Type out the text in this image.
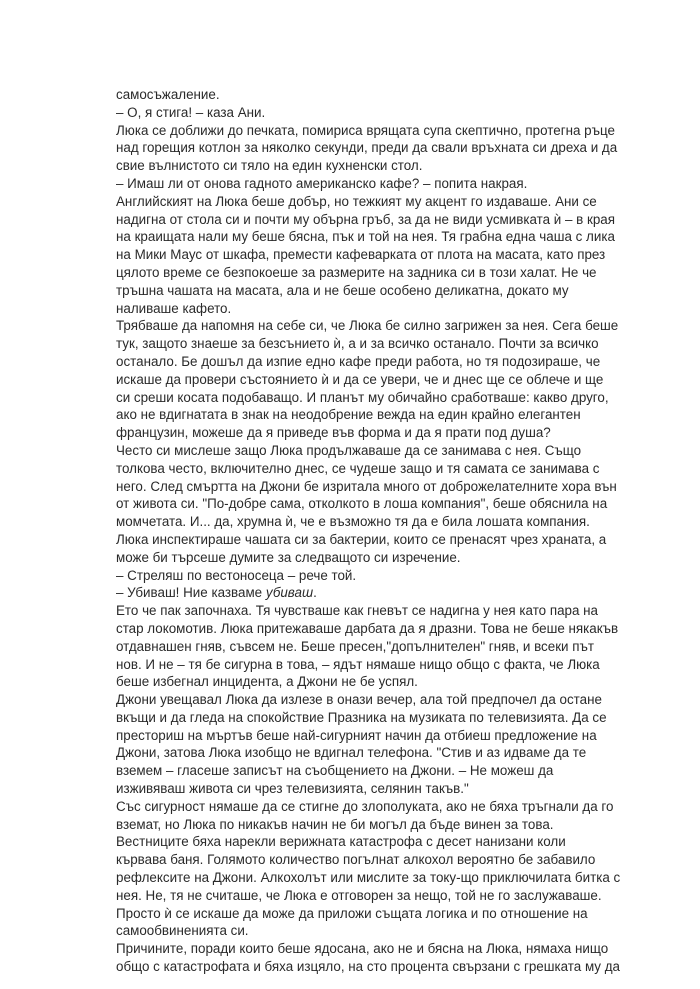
самосъжаление.
– О, я стига! – каза Ани.
Люка се доближи до печката, помириса врящата супа скептично, протегна ръце
над горещия котлон за няколко секунди, преди да свали връхната си дреха и да
свие вълнистото си тяло на един кухненски стол.
– Имаш ли от онова гадното американско кафе? – попита накрая.
Английският на Люка беше добър, но тежкият му акцент го издаваше. Ани се
надигна от стола си и почти му обърна гръб, за да не види усмивката ѝ – в края
на краищата нали му беше бясна, пък и той на нея. Тя грабна една чаша с лика
на Мики Маус от шкафа, премести кафеварката от плота на масата, като през
цялото време се безпокоеше за размерите на задника си в този халат. Не че
тръшна чашата на масата, ала и не беше особено деликатна, докато му
наливаше кафето.
Трябваше да напомня на себе си, че Люка бе силно загрижен за нея. Сега беше
тук, защото знаеше за безсънието ѝ, а и за всичко останало. Почти за всичко
останало. Бе дошъл да изпие едно кафе преди работа, но тя подозираше, че
искаше да провери състоянието ѝ и да се увери, че и днес ще се облече и ще
си среши косата подобаващо. И планът му обичайно сработваше: какво друго,
ако не вдигнатата в знак на неодобрение вежда на един крайно елегантен
французин, можеше да я приведе във форма и да я прати под душа?
Често си мислеше защо Люка продължаваше да се занимава с нея. Също
толкова често, включително днес, се чудеше защо и тя самата се занимава с
него. След смъртта на Джони бе изритала много от доброжелателните хора вън
от живота си. "По-добре сама, отколкото в лоша компания", беше обяснила на
момчетата. И... да, хрумна ѝ, че е възможно тя да е била лошата компания.
Люка инспектираше чашата си за бактерии, които се пренасят чрез храната, а
може би търсеше думите за следващото си изречение.
– Стреляш по вестоносеца – рече той.
– Убиваш! Ние казваме убиваш.
Ето че пак започнаха. Тя чувстваше как гневът се надигна у нея като пара на
стар локомотив. Люка притежаваше дарбата да я дразни. Това не беше някакъв
отдавнашен гняв, съвсем не. Беше пресен,"допълнителен" гняв, и всеки път
нов. И не – тя бе сигурна в това, – ядът нямаше нищо общо с факта, че Люка
беше избегнал инцидента, а Джони не бе успял.
Джони увещавал Люка да излезе в онази вечер, ала той предпочел да остане
вкъщи и да гледа на спокойствие Празника на музиката по телевизията. Да се
престориш на мъртъв беше най-сигурният начин да отбиеш предложение на
Джони, затова Люка изобщо не вдигнал телефона. "Стив и аз идваме да те
вземем – гласеше записът на съобщението на Джони. – Не можеш да
изживяваш живота си чрез телевизията, селянин такъв."
Със сигурност нямаше да се стигне до злополуката, ако не бяха тръгнали да го
вземат, но Люка по никакъв начин не би могъл да бъде винен за това.
Вестниците бяха нарекли верижната катастрофа с десет нанизани коли
кървава баня. Голямото количество погълнат алкохол вероятно бе забавило
рефлексите на Джони. Алкохолът или мислите за току-що приключилата битка с
нея. Не, тя не считаше, че Люка е отговорен за нещо, той не го заслужаваше.
Просто ѝ се искаше да може да приложи същата логика и по отношение на
самообвиненията си.
Причините, поради които беше ядосана, ако не и бясна на Люка, нямаха нищо
общо с катастрофата и бяха изцяло, на сто процента свързани с грешката му да
